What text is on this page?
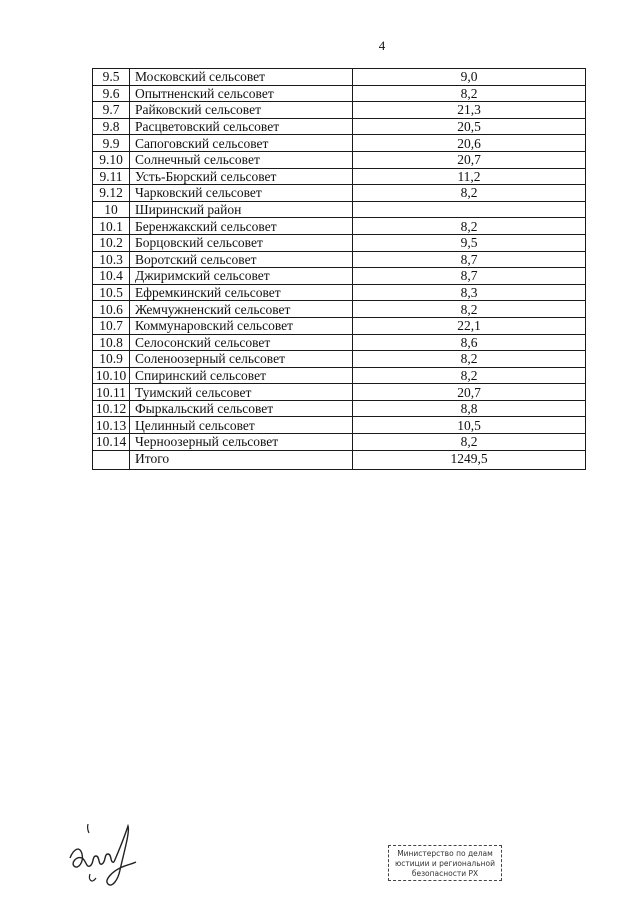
4
9.5	Московский сельсовет	9,0
9.6	Опытненский сельсовет	8,2
9.7	Райковский сельсовет	21,3
9.8	Расцветовский сельсовет	20,5
9.9	Сапоговский сельсовет	20,6
9.10	Солнечный сельсовет	20,7
9.11	Усть-Бюрский сельсовет	11,2
9.12	Чарковский сельсовет	8,2
10	Ширинский район	
10.1	Беренжакский сельсовет	8,2
10.2	Борцовский сельсовет	9,5
10.3	Воротский сельсовет	8,7
10.4	Джиримский сельсовет	8,7
10.5	Ефремкинский сельсовет	8,3
10.6	Жемчужненский сельсовет	8,2
10.7	Коммунаровский сельсовет	22,1
10.8	Селосонский сельсовет	8,6
10.9	Соленоозерный сельсовет	8,2
10.10	Спиринский сельсовет	8,2
10.11	Туимский сельсовет	20,7
10.12	Фыркальский сельсовет	8,8
10.13	Целинный сельсовет	10,5
10.14	Черноозерный сельсовет	8,2
	Итого	1249,5
Министерство по делам
юстиции и региональной
безопасности РХ
